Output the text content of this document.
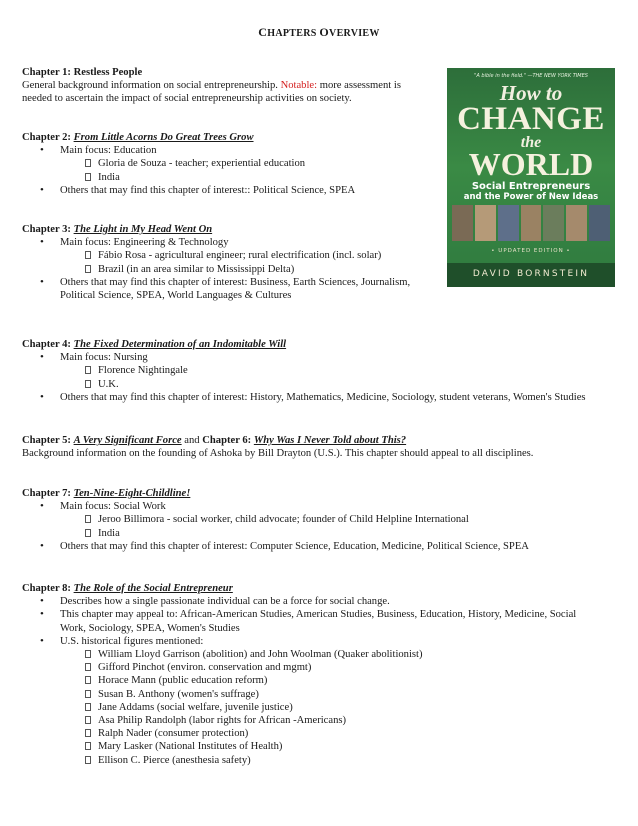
CHAPTERS OVERVIEW
Chapter 1: Restless People
General background information on social entrepreneurship. Notable: more assessment is
needed to ascertain the impact of social entrepreneurship activities on society.
Chapter 2: From Little Acorns Do Great Trees Grow
• Main focus: Education
Gloria de Souza - teacher; experiential education
India
• Others that may find this chapter of interest:: Political Science, SPEA
Chapter 3: The Light in My Head Went On
• Main focus: Engineering & Technology
Fábio Rosa - agricultural engineer; rural electrification (incl. solar)
Brazil (in an area similar to Mississippi Delta)
• Others that may find this chapter of interest: Business, Earth Sciences, Journalism,
Political Science, SPEA, World Languages & Cultures
Chapter 4: The Fixed Determination of an Indomitable Will
• Main focus: Nursing
Florence Nightingale
U.K.
• Others that may find this chapter of interest: History, Mathematics, Medicine, Sociology, student veterans, Women's Studies
Chapter 5: A Very Significant Force and Chapter 6: Why Was I Never Told about This?
Background information on the founding of Ashoka by Bill Drayton (U.S.). This chapter should appeal to all disciplines.
Chapter 7: Ten-Nine-Eight-Childline!
• Main focus: Social Work
Jeroo Billimora - social worker, child advocate; founder of Child Helpline International
India
• Others that may find this chapter of interest: Computer Science, Education, Medicine, Political Science, SPEA
Chapter 8: The Role of the Social Entrepreneur
• Describes how a single passionate individual can be a force for social change.
• This chapter may appeal to: African-American Studies, American Studies, Business, Education, History, Medicine, Social
Work, Sociology, SPEA, Women's Studies
• U.S. historical figures mentioned:
William Lloyd Garrison (abolition) and John Woolman (Quaker abolitionist)
Gifford Pinchot (environ. conservation and mgmt)
Horace Mann (public education reform)
Susan B. Anthony (women's suffrage)
Jane Addams (social welfare, juvenile justice)
Asa Philip Randolph (labor rights for African -Americans)
Ralph Nader (consumer protection)
Mary Lasker (National Institutes of Health)
Ellison C. Pierce (anesthesia safety)
"A bible in the field." —THE NEW YORK TIMES
How to
CHANGE
the
WORLD
Social Entrepreneurs
and the Power of New Ideas
• UPDATED EDITION •
DAVID BORNSTEIN
